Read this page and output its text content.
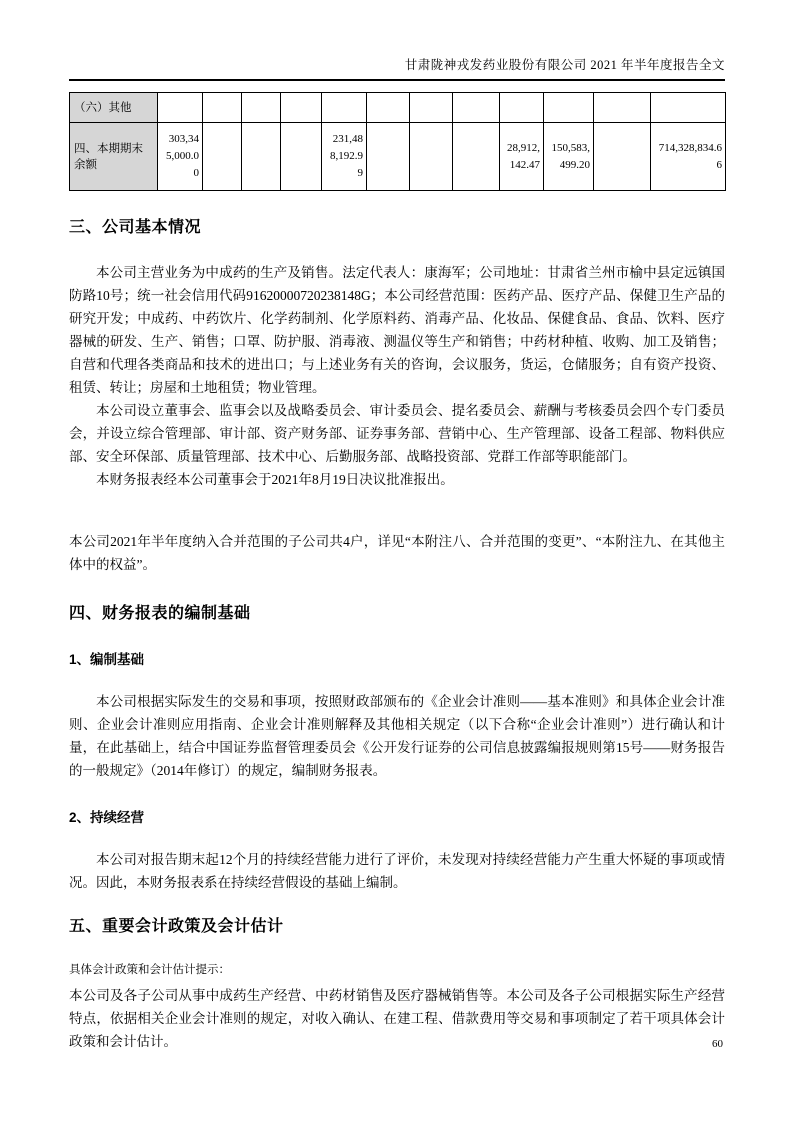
甘肃陇神戎发药业股份有限公司 2021 年半年度报告全文
（六）其他												
四、本期期末余额	303,345,000.00				231,488,192.99				28,912,142.47	150,583,499.20		714,328,834.66
三、公司基本情况

本公司主营业务为中成药的生产及销售。法定代表人：康海军；公司地址：甘肃省兰州市榆中县定远镇国防路10号；统一社会信用代码91620000720238148G；本公司经营范围：医药产品、医疗产品、保健卫生产品的研究开发；中成药、中药饮片、化学药制剂、化学原料药、消毒产品、化妆品、保健食品、食品、饮料、医疗器械的研发、生产、销售；口罩、防护服、消毒液、测温仪等生产和销售；中药材种植、收购、加工及销售；自营和代理各类商品和技术的进出口；与上述业务有关的咨询，会议服务，货运，仓储服务；自有资产投资、租赁、转让；房屋和土地租赁；物业管理。

本公司设立董事会、监事会以及战略委员会、审计委员会、提名委员会、薪酬与考核委员会四个专门委员会，并设立综合管理部、审计部、资产财务部、证券事务部、营销中心、生产管理部、设备工程部、物料供应部、安全环保部、质量管理部、技术中心、后勤服务部、战略投资部、党群工作部等职能部门。

本财务报表经本公司董事会于2021年8月19日决议批准报出。

本公司2021年半年度纳入合并范围的子公司共4户，详见“本附注八、合并范围的变更”、“本附注九、在其他主体中的权益”。

四、财务报表的编制基础
1、编制基础

本公司根据实际发生的交易和事项，按照财政部颁布的《企业会计准则——基本准则》和具体企业会计准则、企业会计准则应用指南、企业会计准则解释及其他相关规定（以下合称“企业会计准则”）进行确认和计量，在此基础上，结合中国证券监督管理委员会《公开发行证券的公司信息披露编报规则第15号——财务报告的一般规定》（2014年修订）的规定，编制财务报表。

2、持续经营

本公司对报告期末起12个月的持续经营能力进行了评价，未发现对持续经营能力产生重大怀疑的事项或情况。因此，本财务报表系在持续经营假设的基础上编制。

五、重要会计政策及会计估计

具体会计政策和会计估计提示：

本公司及各子公司从事中成药生产经营、中药材销售及医疗器械销售等。本公司及各子公司根据实际生产经营特点，依据相关企业会计准则的规定，对收入确认、在建工程、借款费用等交易和事项制定了若干项具体会计政策和会计估计。	60
